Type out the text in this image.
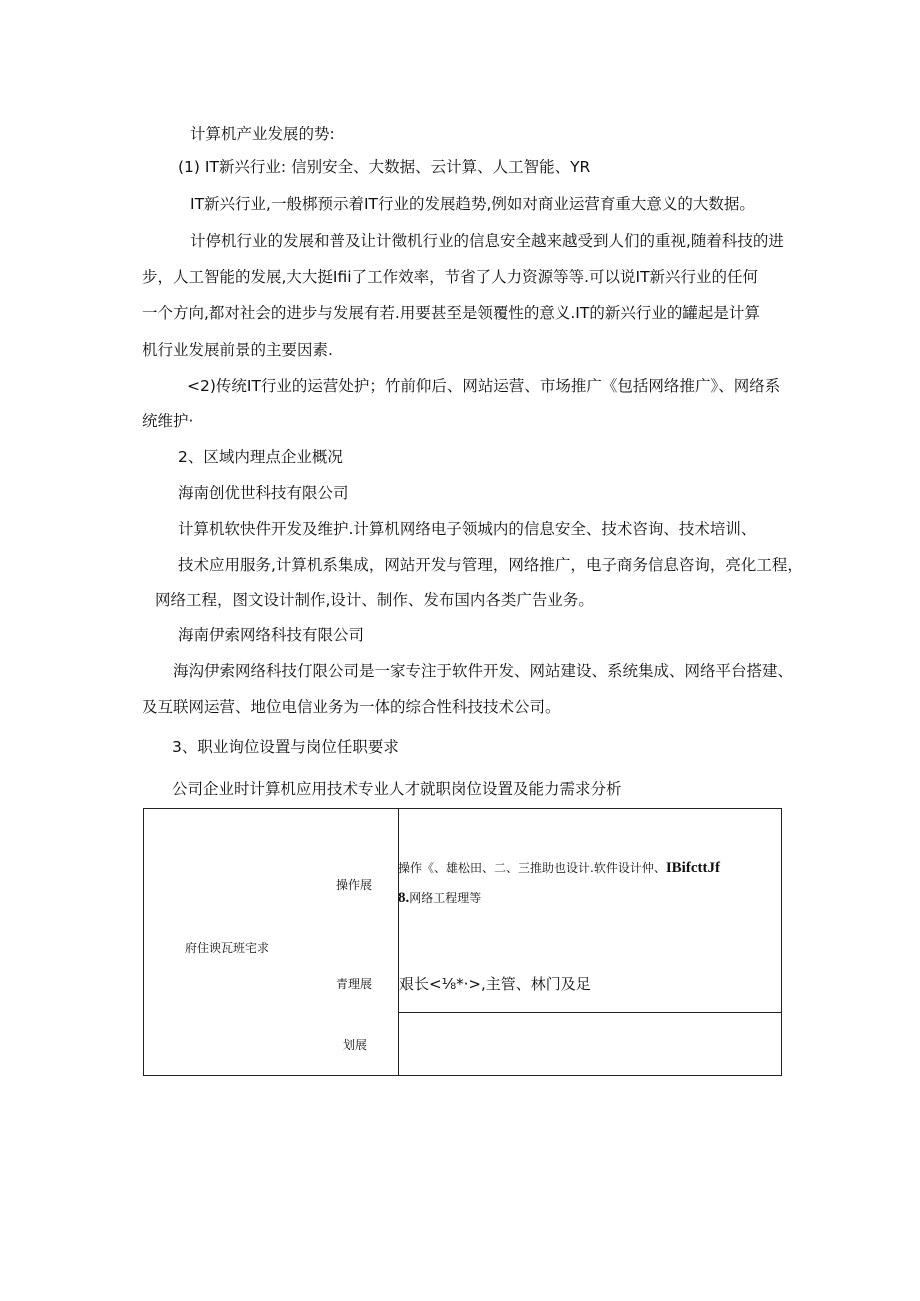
计算机产业发展的势:
(1) IT新兴行业: 信别安全、大数据、云计算、人工智能、YR
IT新兴行业,一般梆预示着IT行业的发展趋势,例如对商业运营育重大意义的大数据。
计停机行业的发展和普及让计徵机行业的信息安全越来越受到人们的重视,随着科技的进
步，人工智能的发展,大大挺Ifii了工作效率，节省了人力资源等等.可以说IT新兴行业的任何
一个方向,都对社会的进步与发展有若.用要甚至是领覆性的意义.IT的新兴行业的罐起是计算
机行业发展前景的主要因素.
<2)传统IT行业的运营处护；竹前仰后、网站运营、市场推广《包括网络推广》、网络系
统维护·
2、区域内理点企业概况
海南创优世科技有限公司
计算机软快件开发及维护.计算机网络电子领城内的信息安全、技术咨询、技术培训、
技术应用服务,计算机系集成，网站开发与管理，网络推广，电子商务信息咨询，亮化工程，
网络工程，图文设计制作,设计、制作、发布国内各类广告业务。
海南伊索网络科技有限公司
海沟伊索网络科技仃限公司是一家专注于软件开发、网站建设、系统集成、网络平台搭建、
及互联网运营、地位电信业务为一体的综合性科技技术公司。
3、职业询位设置与岗位任职要求
公司企业时计算机应用技术专业人才就职岗位设置及能力需求分析
府住谀瓦班宅求
操作展
操作《、雄松田、二、三推助也设计.软件设计仲、IBifcttJf
8.网络工程理等
青理展 艰长<⅛*·>,主管、林门及足
划展
